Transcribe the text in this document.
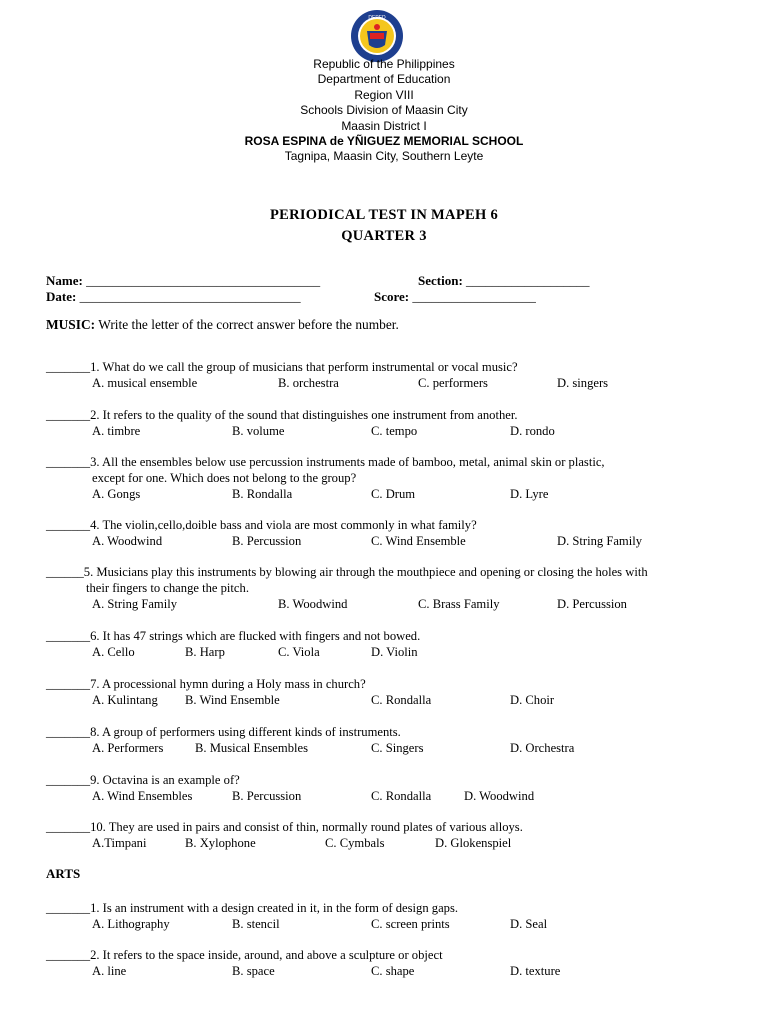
DEPED
Republic of the Philippines
Department of Education
Region VIII
Schools Division of Maasin City
Maasin District I
ROSA ESPINA de YÑIGUEZ MEMORIAL SCHOOL
Tagnipa, Maasin City, Southern Leyte
PERIODICAL TEST IN MAPEH 6
QUARTER 3
Name: ____________________________________	Section: ___________________
Date: __________________________________	Score: ___________________
MUSIC: Write the letter of the correct answer before the number.
_______1. What do we call the group of musicians that perform instrumental or vocal music?
A. musical ensemble	B. orchestra	C. performers	D. singers
_______2. It refers to the quality of the sound that distinguishes one instrument from another.
A. timbre	B. volume	C. tempo	D. rondo
_______3. All the ensembles below use percussion instruments made of bamboo, metal, animal skin or plastic,
except for one. Which does not belong to the group?
A. Gongs	B. Rondalla	C. Drum	D. Lyre
_______4. The violin,cello,doible bass and viola are most commonly in what family?
A. Woodwind	B. Percussion	C. Wind Ensemble	D. String Family
______5. Musicians play this instruments by blowing air through the mouthpiece and opening or closing the holes with
their fingers to change the pitch.
A. String Family	B. Woodwind	C. Brass Family	D. Percussion
_______6. It has 47 strings which are flucked with fingers and not bowed.
A. Cello	B. Harp	C. Viola	D. Violin
_______7. A processional hymn during a Holy mass in church?
A. Kulintang B. Wind Ensemble	C. Rondalla	D. Choir
_______8. A group of performers using different kinds of instruments.
A. Performers	B. Musical Ensembles	C. Singers	D. Orchestra
_______9. Octavina is an example of?
A. Wind Ensembles	B. Percussion	C. Rondalla	D. Woodwind
_______10. They are used in pairs and consist of thin, normally round plates of various alloys.
A.Timpani	B. Xylophone	C. Cymbals	D. Glokenspiel
ARTS
_______1. Is an instrument with a design created in it, in the form of design gaps.
A. Lithography	B. stencil	C. screen prints	D. Seal
_______2. It refers to the space inside, around, and above a sculpture or object
A. line	B. space	C. shape	D. texture
